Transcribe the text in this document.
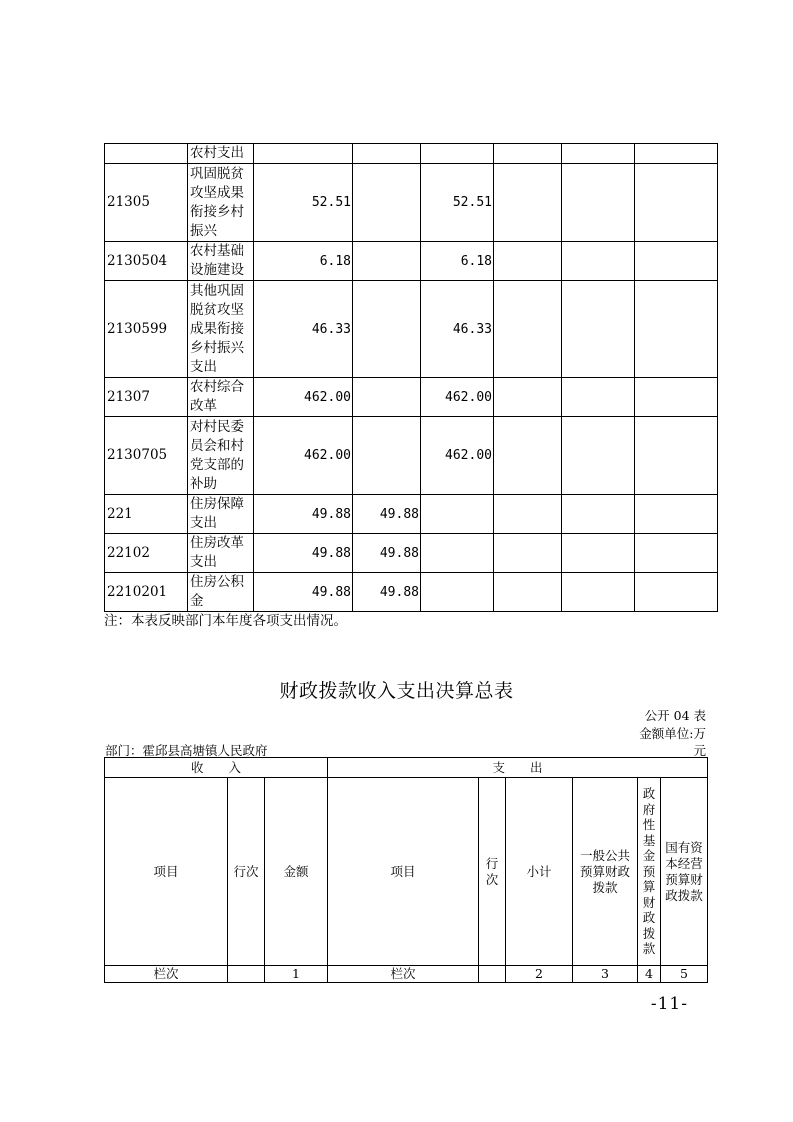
	农村支出						
21305	巩固脱贫攻坚成果衔接乡村振兴	52.51		52.51			
2130504	农村基础设施建设	6.18		6.18			
2130599	其他巩固脱贫攻坚成果衔接乡村振兴支出	46.33		46.33			
21307	农村综合改革	462.00		462.00			
2130705	对村民委员会和村党支部的补助	462.00		462.00			
221	住房保障支出	49.88	49.88				
22102	住房改革支出	49.88	49.88				
2210201	住房公积金	49.88	49.88				
注：本表反映部门本年度各项支出情况。
财政拨款收入支出决算总表
公开 04 表
金额单位:万
部门：霍邱县高塘镇人民政府	元
收　　入			支　　出					
项目	行次	金额	项目	行次	小计	一般公共预算财政拨款	政府性基金预算财政拨款	国有资本经营预算财政拨款
栏次		1	栏次		2	3	4	5
-11-
